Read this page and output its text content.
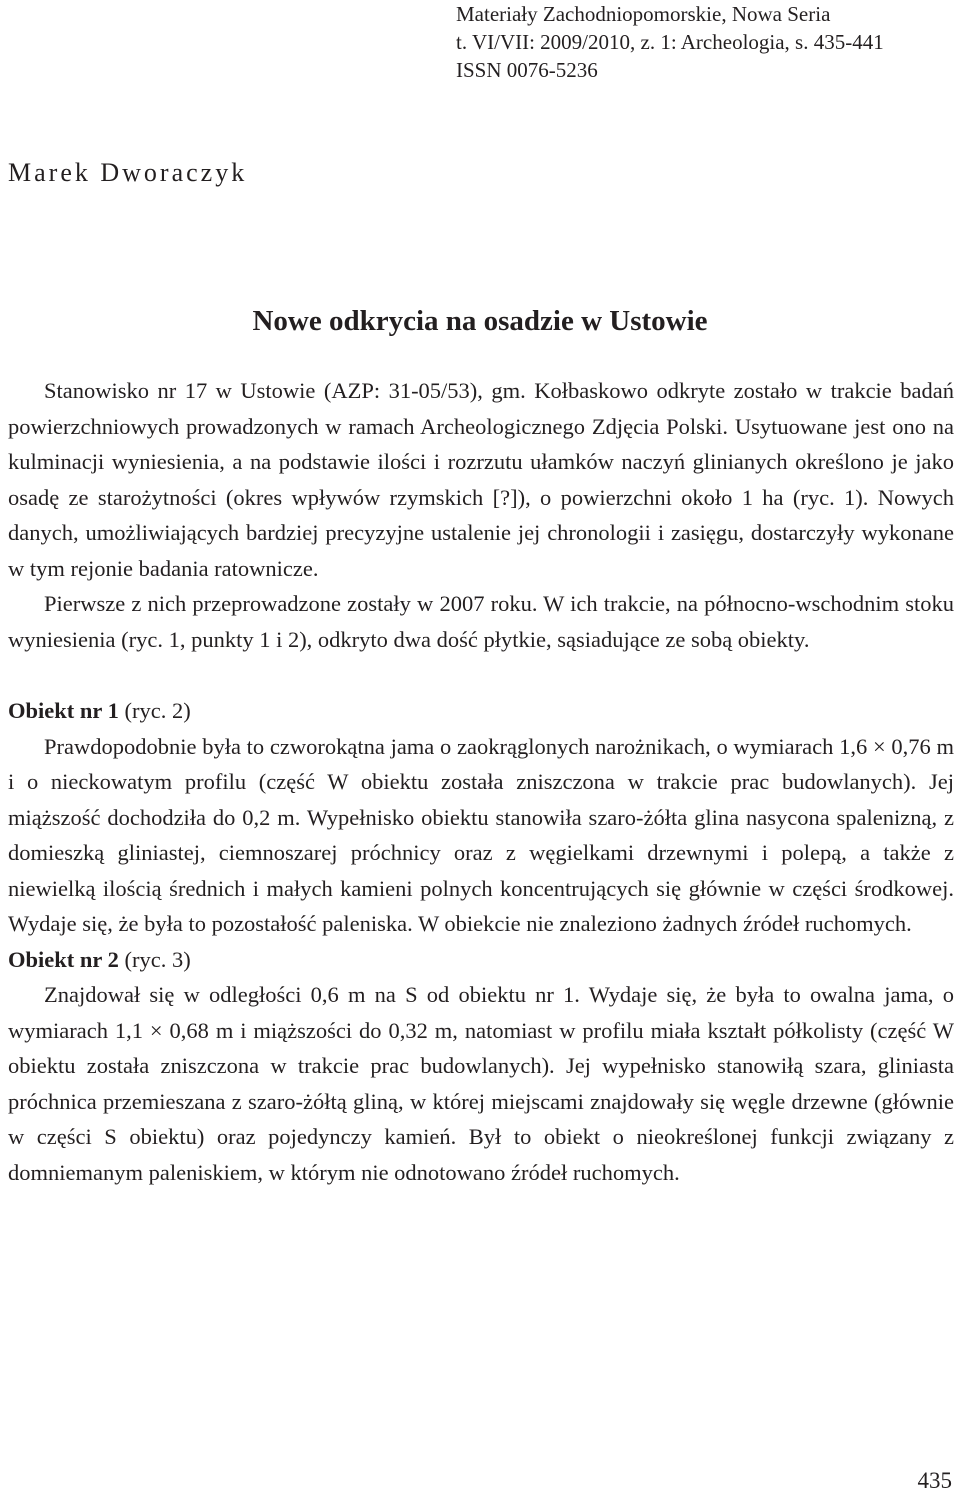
Materiały Zachodniopomorskie, Nowa Seria
t. VI/VII: 2009/2010, z. 1: Archeologia, s. 435-441
ISSN 0076-5236
Marek Dworaczyk
Nowe odkrycia na osadzie w Ustowie

Stanowisko nr 17 w Ustowie (AZP: 31-05/53), gm. Kołbaskowo odkryte zostało w trakcie badań powierzchniowych prowadzonych w ramach Archeologicznego Zdjęcia Polski. Usytuowane jest ono na kulminacji wyniesienia, a na podstawie ilości i rozrzutu ułamków naczyń glinianych określono je jako osadę ze starożytności (okres wpływów rzymskich [?]), o powierzchni około 1 ha (ryc. 1). Nowych danych, umożliwiających bardziej precyzyjne ustalenie jej chronologii i zasięgu, dostarczyły wykonane w tym rejonie badania ratownicze.

Pierwsze z nich przeprowadzone zostały w 2007 roku. W ich trakcie, na północno-wschodnim stoku wyniesienia (ryc. 1, punkty 1 i 2), odkryto dwa dość płytkie, sąsiadujące ze sobą obiekty.

Obiekt nr 1 (ryc. 2)

Prawdopodobnie była to czworokątna jama o zaokrąglonych narożnikach, o wymiarach 1,6 × 0,76 m i o nieckowatym profilu (część W obiektu została zniszczona w trakcie prac budowlanych). Jej miąższość dochodziła do 0,2 m. Wypełnisko obiektu stanowiła szaro-żółta glina nasycona spalenizną, z domieszką gliniastej, ciemnoszarej próchnicy oraz z węgielkami drzewnymi i polepą, a także z niewielką ilością średnich i małych kamieni polnych koncentrujących się głównie w części środkowej. Wydaje się, że była to pozostałość paleniska. W obiekcie nie znaleziono żadnych źródeł ruchomych.

Obiekt nr 2 (ryc. 3)

Znajdował się w odległości 0,6 m na S od obiektu nr 1. Wydaje się, że była to owalna jama, o wymiarach 1,1 × 0,68 m i miąższości do 0,32 m, natomiast w profilu miała kształt półkolisty (część W obiektu została zniszczona w trakcie prac budowlanych). Jej wypełnisko stanowiłą szara, gliniasta próchnica przemieszana z szaro-żółtą gliną, w której miejscami znajdowały się węgle drzewne (głównie w części S obiektu) oraz pojedynczy kamień. Był to obiekt o nieokreślonej funkcji związany z domniemanym paleniskiem, w którym nie odnotowano źródeł ruchomych.

435
